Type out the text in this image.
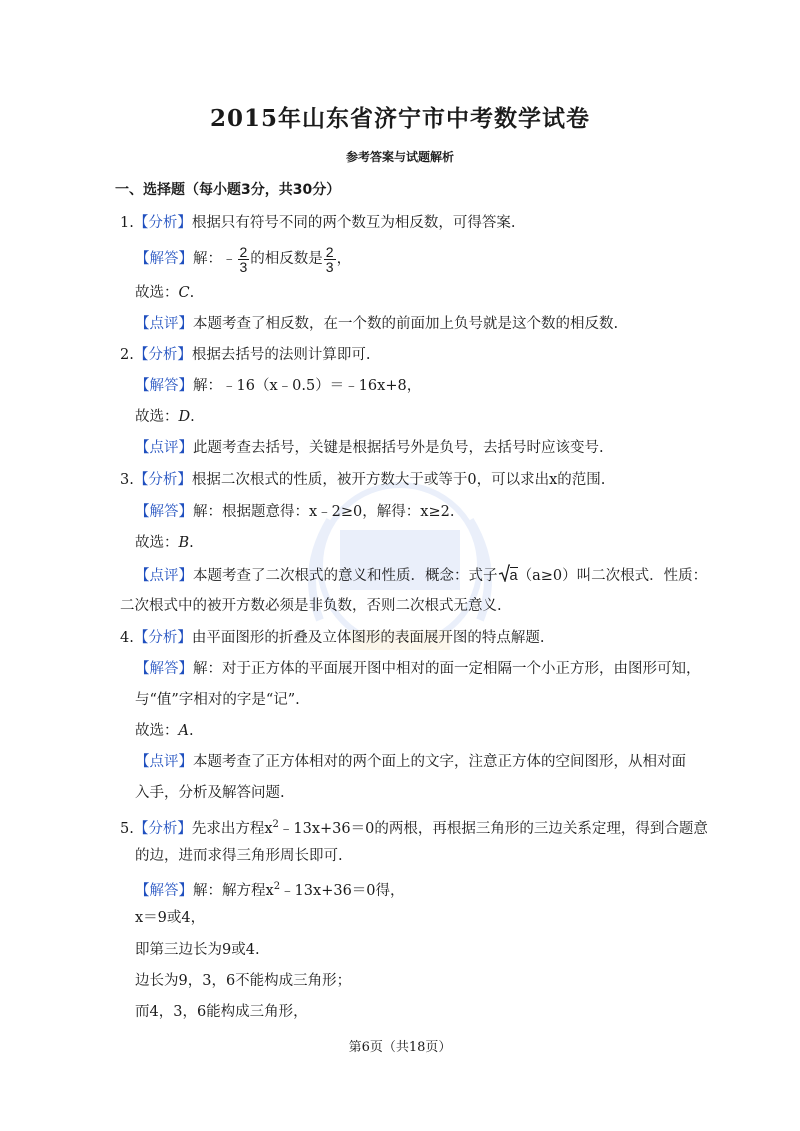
2015年山东省济宁市中考数学试卷
参考答案与试题解析
一、选择题（每小题3分，共30分）
1.【分析】根据只有符号不同的两个数互为相反数，可得答案.
【解答】解：﹣ $\frac{2}{3}$ 的相反数是 $\frac{2}{3}$ ，
故选：C.
【点评】本题考查了相反数，在一个数的前面加上负号就是这个数的相反数.
2.【分析】根据去括号的法则计算即可.
【解答】解：﹣16（x﹣0.5）＝﹣16x+8，
故选：D.
【点评】此题考查去括号，关键是根据括号外是负号，去括号时应该变号.
3.【分析】根据二次根式的性质，被开方数大于或等于0，可以求出x的范围.
【解答】解：根据题意得：x﹣2≥0，解得：x≥2.
故选：B.
【点评】本题考查了二次根式的意义和性质．概念：式子 a（a≥0）叫二次根式．性质：
二次根式中的被开方数必须是非负数，否则二次根式无意义.
4.【分析】由平面图形的折叠及立体图形的表面展开图的特点解题.
【解答】解：对于正方体的平面展开图中相对的面一定相隔一个小正方形，由图形可知，
与“值”字相对的字是“记”.
故选：A.
【点评】本题考查了正方体相对的两个面上的文字，注意正方体的空间图形，从相对面
入手，分析及解答问题.
5.【分析】先求出方程$x^2﹣13x+36=0$的两根，再根据三角形的三边关系定理，得到合题意
的边，进而求得三角形周长即可.
【解答】解：解方程$x^2﹣13x+36=0$得，
x＝9或4，
即第三边长为9或4.
边长为9，3，6不能构成三角形；
而4，3，6能构成三角形，
第6页（共18页）
